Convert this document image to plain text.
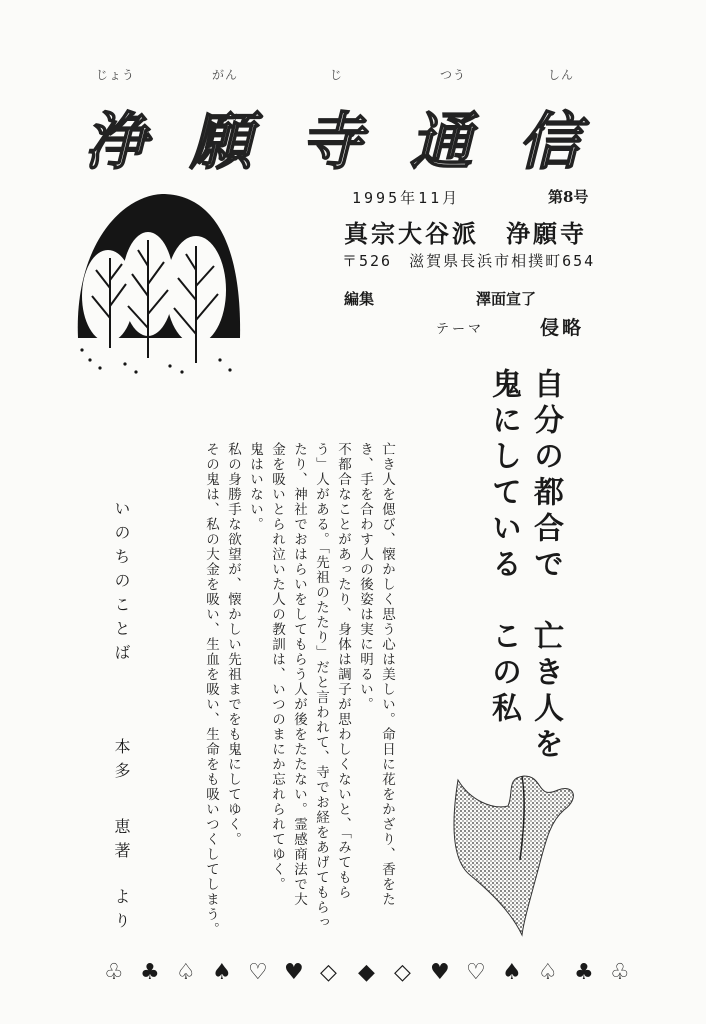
じょう	がん	じ	つう	しん
浄 願 寺 通 信
1995年11月	第8号
真宗大谷派　浄願寺
〒526　滋賀県長浜市相撲町654
編集	澤面宣了
テーマ	侵略
自分の都合で　亡き人を
鬼にしている　この私
亡き人を偲び、懐かしく思う心は美しい。命日に花をかざり、香をた
き、手を合わす人の後姿は実に明るい。
不都合なことがあったり、身体は調子が思わしくないと、「みてもら
う」人がある。「先祖のたたり」だと言われて、寺でお経をあげてもらっ
たり、神社でおはらいをしてもらう人が後をたたない。霊感商法で大
金を吸いとられ泣いた人の教訓は、いつのまにか忘れられてゆく。
鬼はいない。
私の身勝手な欲望が、懐かしい先祖までをも鬼にしてゆく。
その鬼は、私の大金を吸い、生血を吸い、生命をも吸いつくしてしまう。
いのちのことば
本多
恵著
より
♧ ♣ ♤ ♠ ♡ ♥ ◇ ◆ ◇ ♥ ♡ ♠ ♤ ♣ ♧
